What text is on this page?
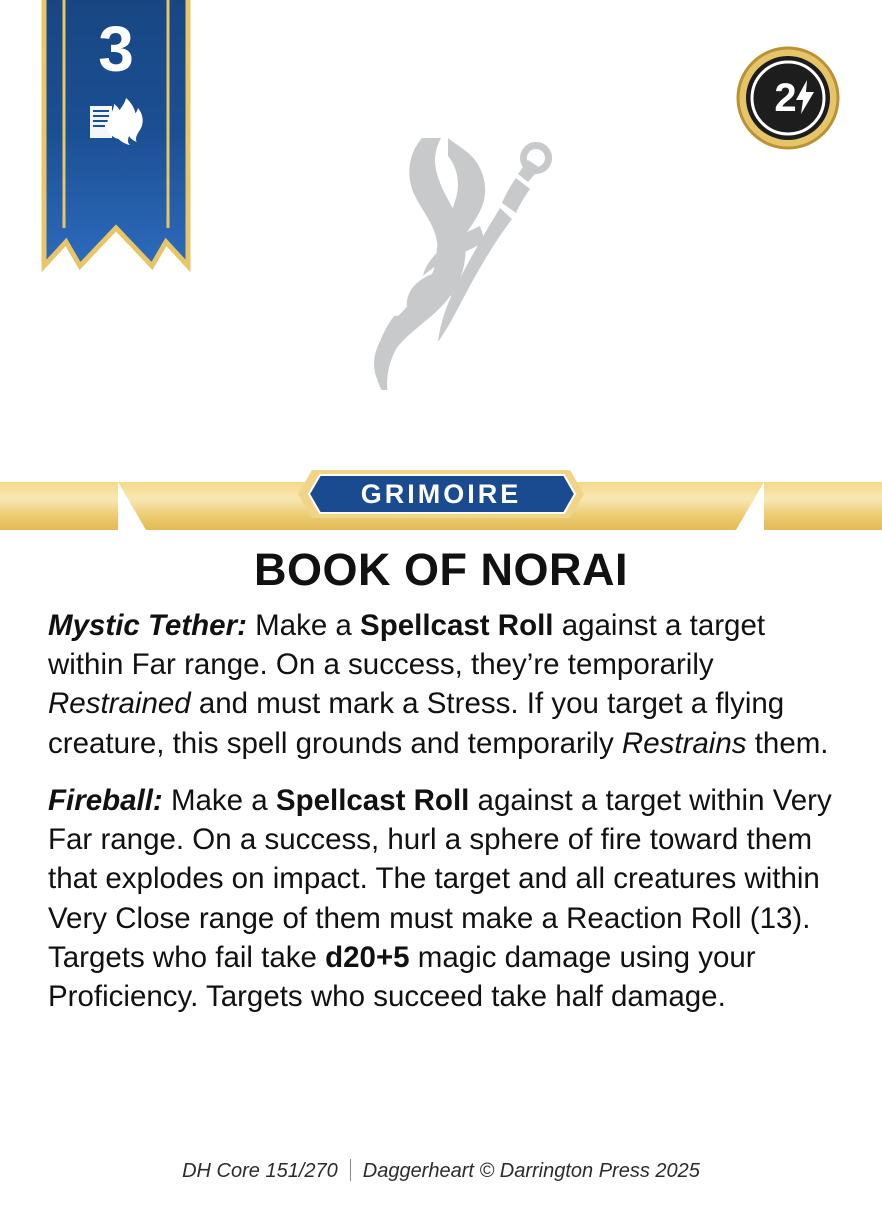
3
2
GRIMOIRE
BOOK OF NORAI
Mystic Tether: Make a Spellcast Roll against a target within Far range. On a success, they’re temporarily Restrained and must mark a Stress. If you target a flying creature, this spell grounds and temporarily Restrains them.
Fireball: Make a Spellcast Roll against a target within Very Far range. On a success, hurl a sphere of fire toward them that explodes on impact. The target and all creatures within Very Close range of them must make a Reaction Roll (13). Targets who fail take d20+5 magic damage using your Proficiency. Targets who succeed take half damage.
DH Core 151/270 Daggerheart © Darrington Press 2025
